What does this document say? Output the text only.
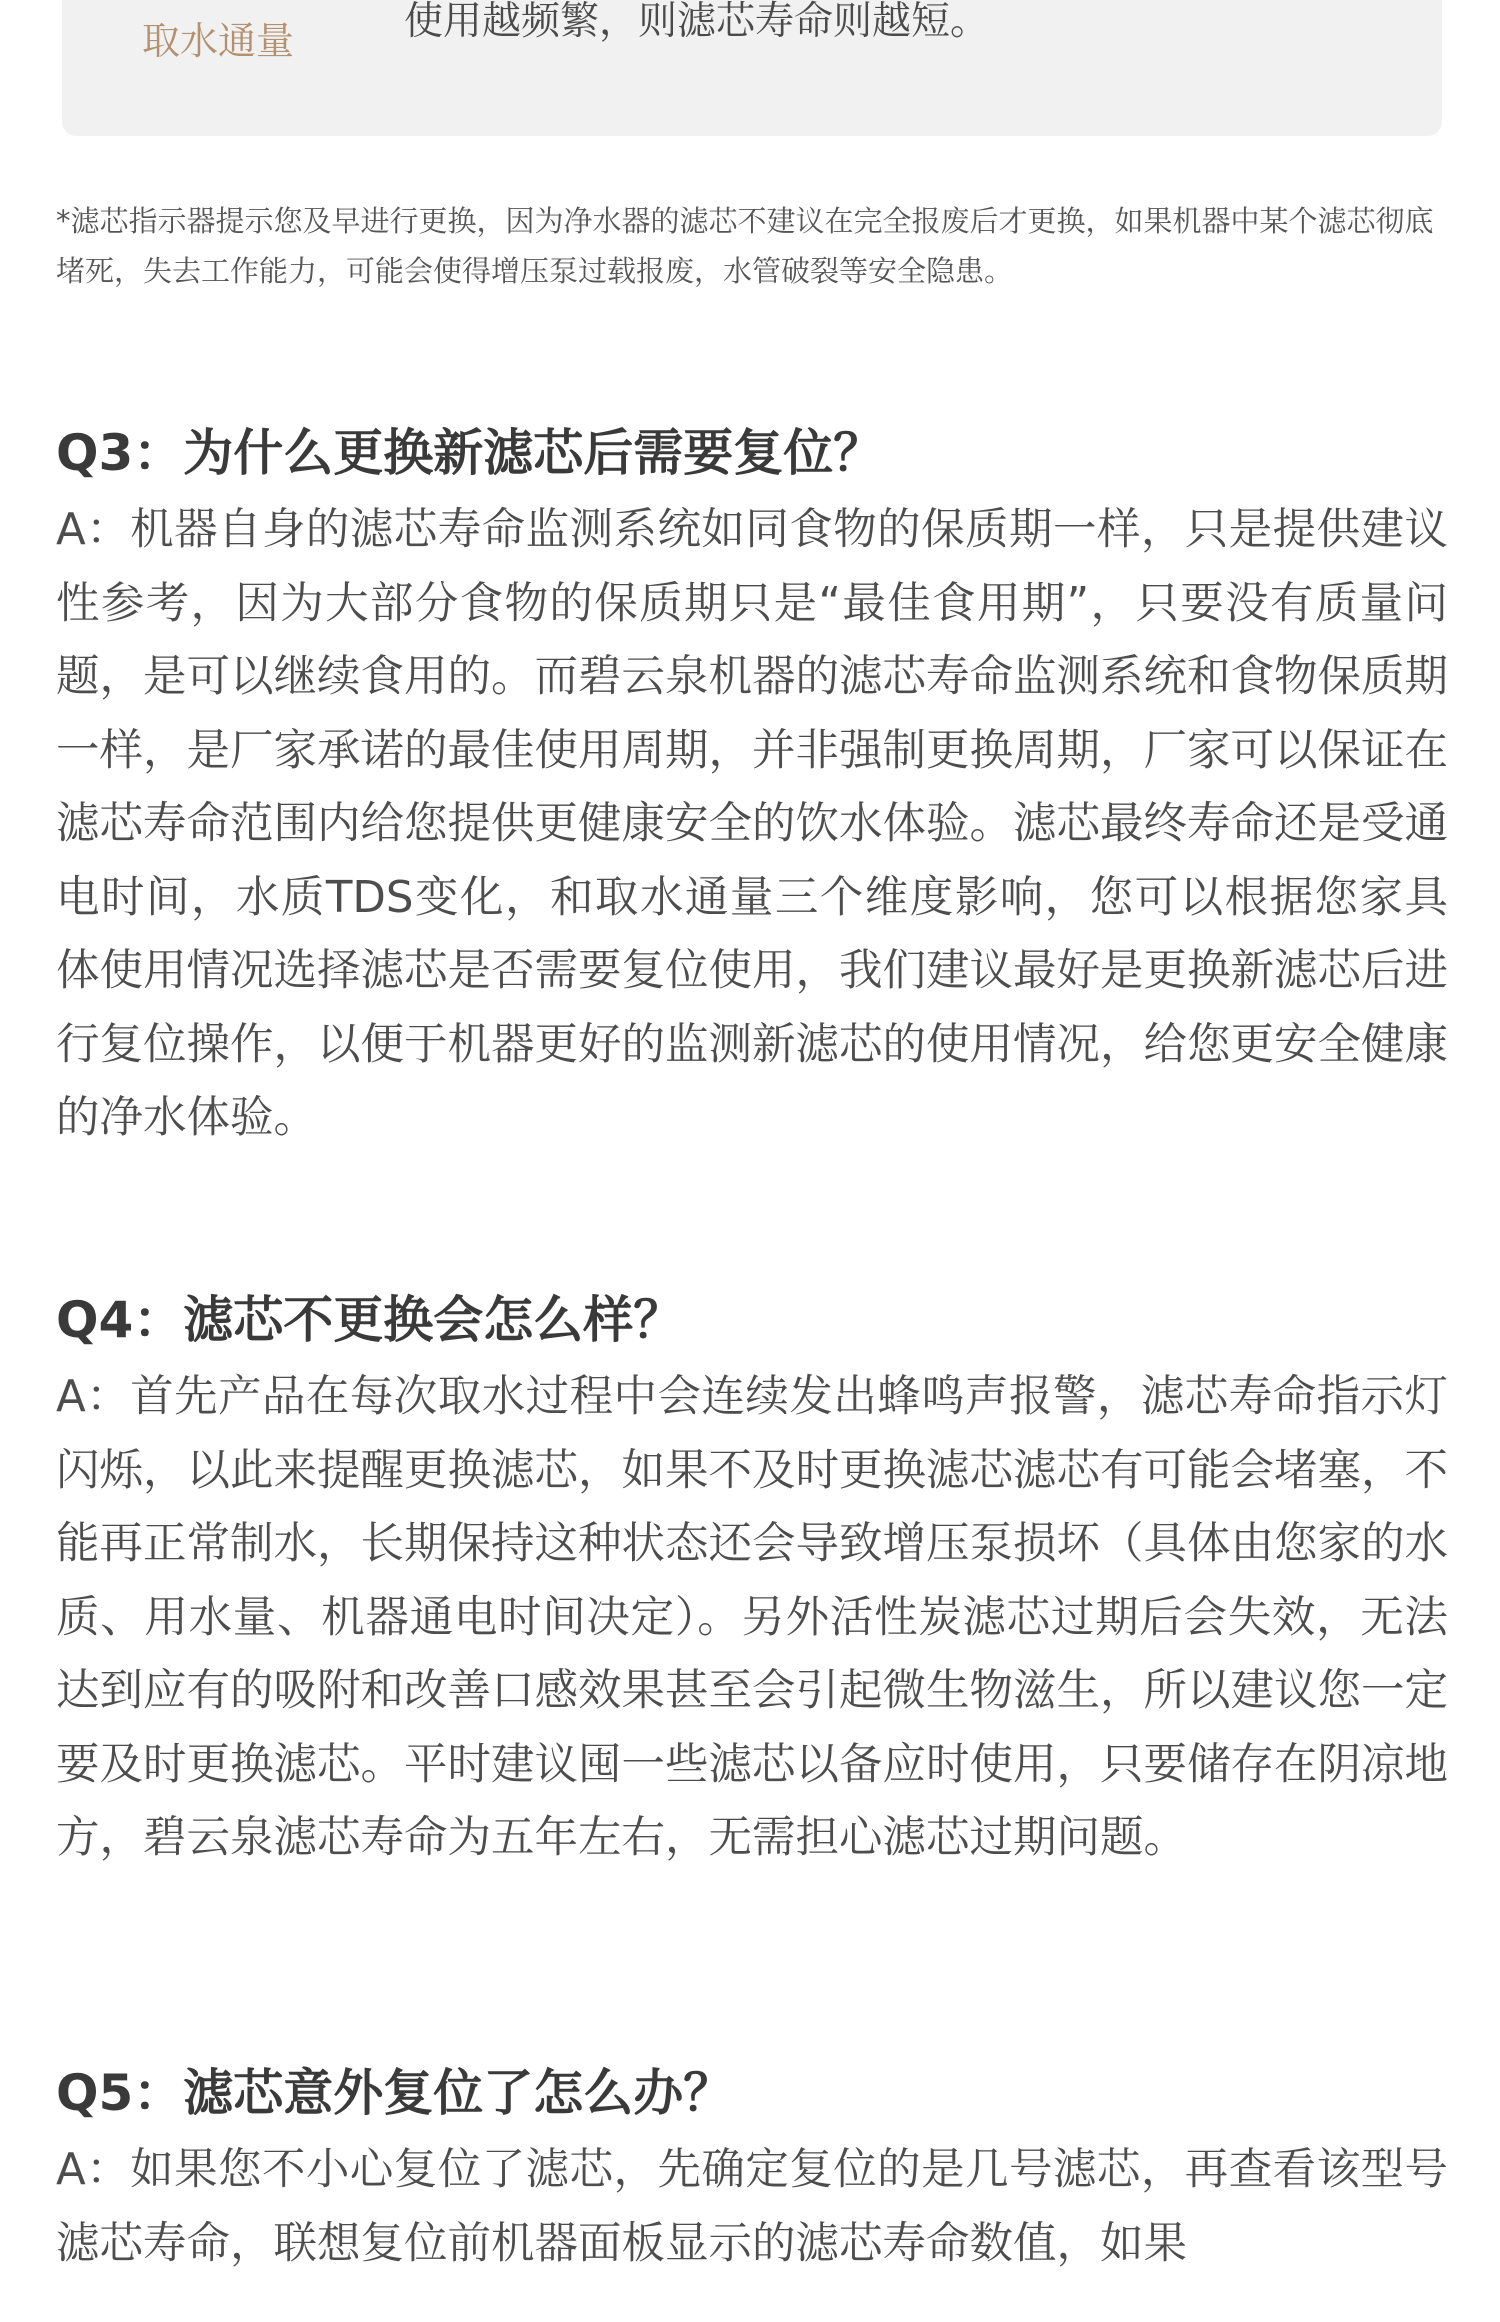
取水通量	使用越频繁，则滤芯寿命则越短。
*滤芯指示器提示您及早进行更换，因为净水器的滤芯不建议在完全报废后才更换，如果机器中某个滤芯彻底堵死，失去工作能力，可能会使得增压泵过载报废，水管破裂等安全隐患。
Q3：为什么更换新滤芯后需要复位？
A：机器自身的滤芯寿命监测系统如同食物的保质期一样，只是提供建议性参考，因为大部分食物的保质期只是“最佳食用期”，只要没有质量问题，是可以继续食用的。而碧云泉机器的滤芯寿命监测系统和食物保质期一样，是厂家承诺的最佳使用周期，并非强制更换周期，厂家可以保证在滤芯寿命范围内给您提供更健康安全的饮水体验。滤芯最终寿命还是受通电时间，水质TDS变化，和取水通量三个维度影响，您可以根据您家具体使用情况选择滤芯是否需要复位使用，我们建议最好是更换新滤芯后进行复位操作，以便于机器更好的监测新滤芯的使用情况，给您更安全健康的净水体验。
Q4：滤芯不更换会怎么样？
A：首先产品在每次取水过程中会连续发出蜂鸣声报警，滤芯寿命指示灯闪烁，以此来提醒更换滤芯，如果不及时更换滤芯滤芯有可能会堵塞，不能再正常制水，长期保持这种状态还会导致增压泵损坏（具体由您家的水质、用水量、机器通电时间决定）。另外活性炭滤芯过期后会失效，无法达到应有的吸附和改善口感效果甚至会引起微生物滋生，所以建议您一定要及时更换滤芯。平时建议囤一些滤芯以备应时使用，只要储存在阴凉地方，碧云泉滤芯寿命为五年左右，无需担心滤芯过期问题。
Q5：滤芯意外复位了怎么办？
A：如果您不小心复位了滤芯，先确定复位的是几号滤芯，再查看该型号滤芯寿命，联想复位前机器面板显示的滤芯寿命数值，如果
